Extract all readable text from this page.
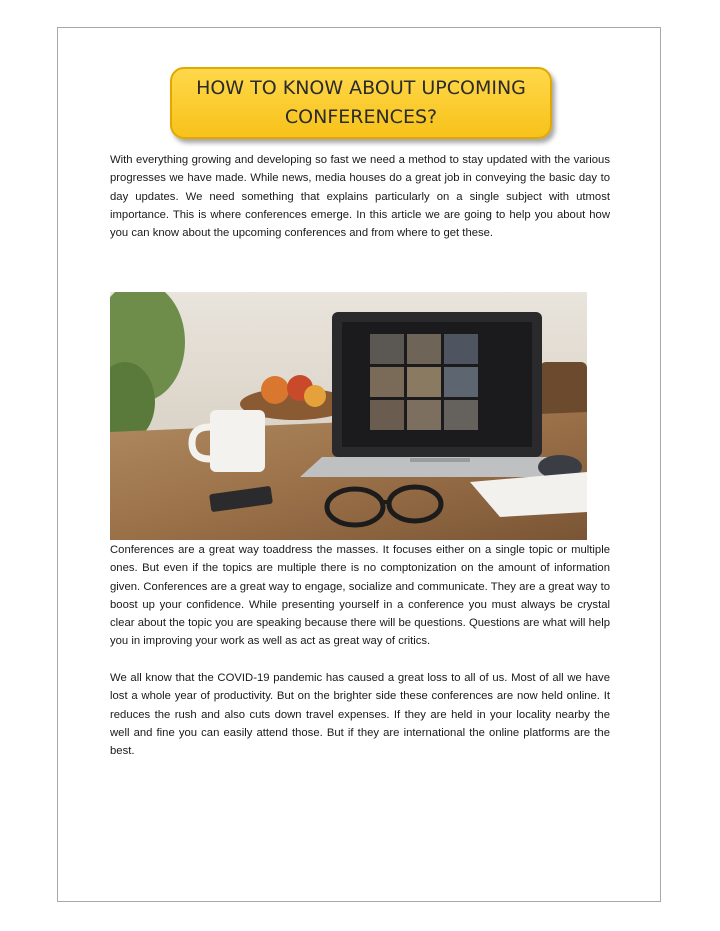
HOW TO KNOW ABOUT UPCOMING CONFERENCES?

With everything growing and developing so fast we need a method to stay updated with the various progresses we have made. While news, media houses do a great job in conveying the basic day to day updates. We need something that explains particularly on a single subject with utmost importance. This is where conferences emerge. In this article we are going to help you about how you can know about the upcoming conferences and from where to get these.

Conferences are a great way toaddress the masses. It focuses either on a single topic or multiple ones. But even if the topics are multiple there is no comptonization on the amount of information given. Conferences are a great way to engage, socialize and communicate. They are a great way to boost up your confidence. While presenting yourself in a conference you must always be crystal clear about the topic you are speaking because there will be questions. Questions are what will help you in improving your work as well as act as great way of critics.

We all know that the COVID-19 pandemic has caused a great loss to all of us. Most of all we have lost a whole year of productivity. But on the brighter side these conferences are now held online. It reduces the rush and also cuts down travel expenses. If they are held in your locality nearby the well and fine you can easily attend those. But if they are international the online platforms are the best.
